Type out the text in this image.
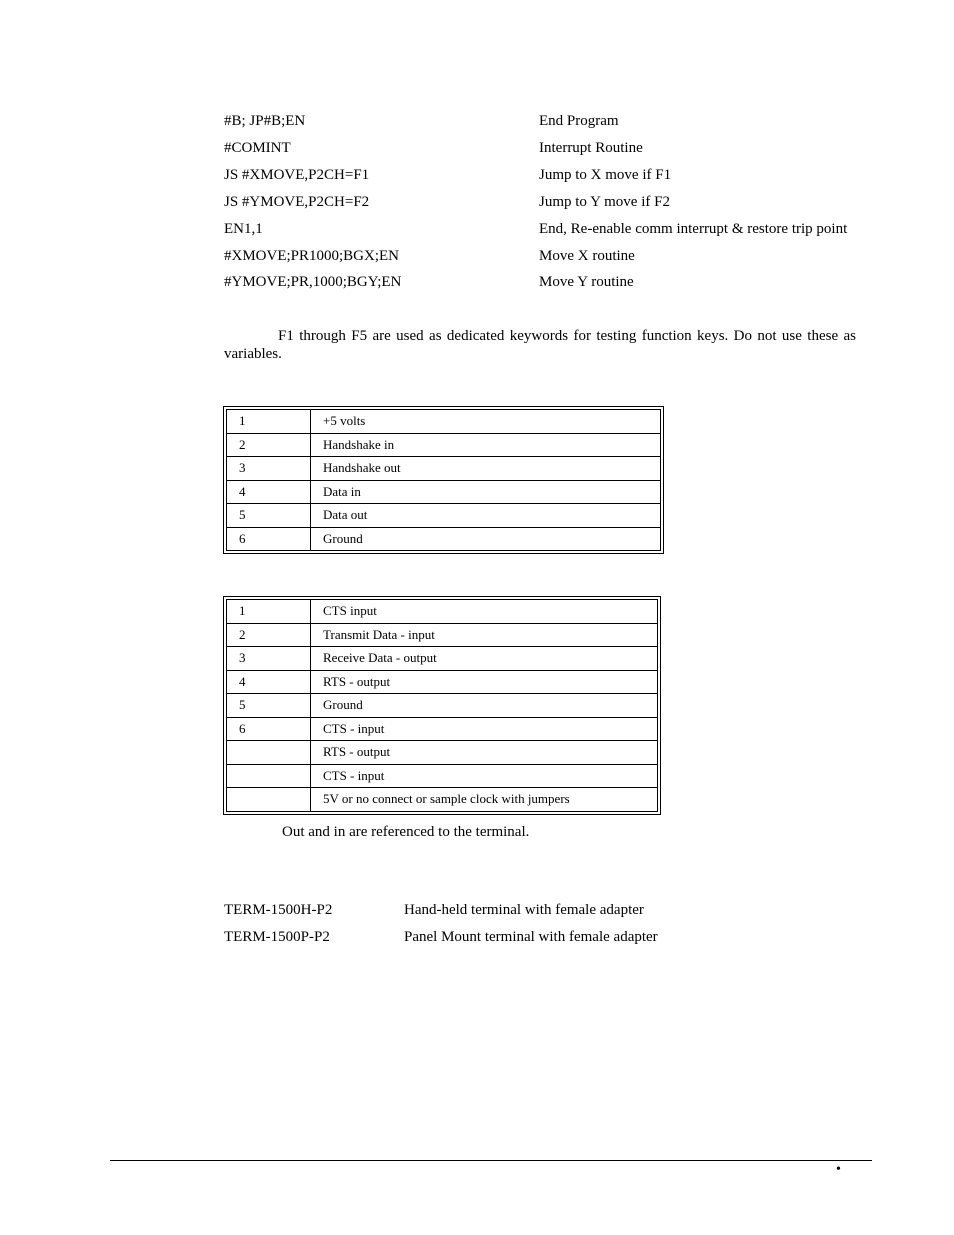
#B; JP#B;EN	End Program
#COMINT	Interrupt Routine
JS #XMOVE,P2CH=F1	Jump to X move if F1
JS #YMOVE,P2CH=F2	Jump to Y move if F2
EN1,1	End, Re-enable comm interrupt & restore trip point
#XMOVE;PR1000;BGX;EN	Move X routine
#YMOVE;PR,1000;BGY;EN	Move Y routine
F1 through F5 are used as dedicated keywords for testing function keys. Do not use these as variables.
1	+5 volts
2	Handshake in
3	Handshake out
4	Data in
5	Data out
6	Ground
1	CTS input
2	Transmit Data - input
3	Receive Data - output
4	RTS - output
5	Ground
6	CTS - input
	RTS - output
	CTS - input
	5V or no connect or sample clock with jumpers
Out and in are referenced to the terminal.
TERM-1500H-P2	Hand-held terminal with female adapter
TERM-1500P-P2	Panel Mount terminal with female adapter
•
